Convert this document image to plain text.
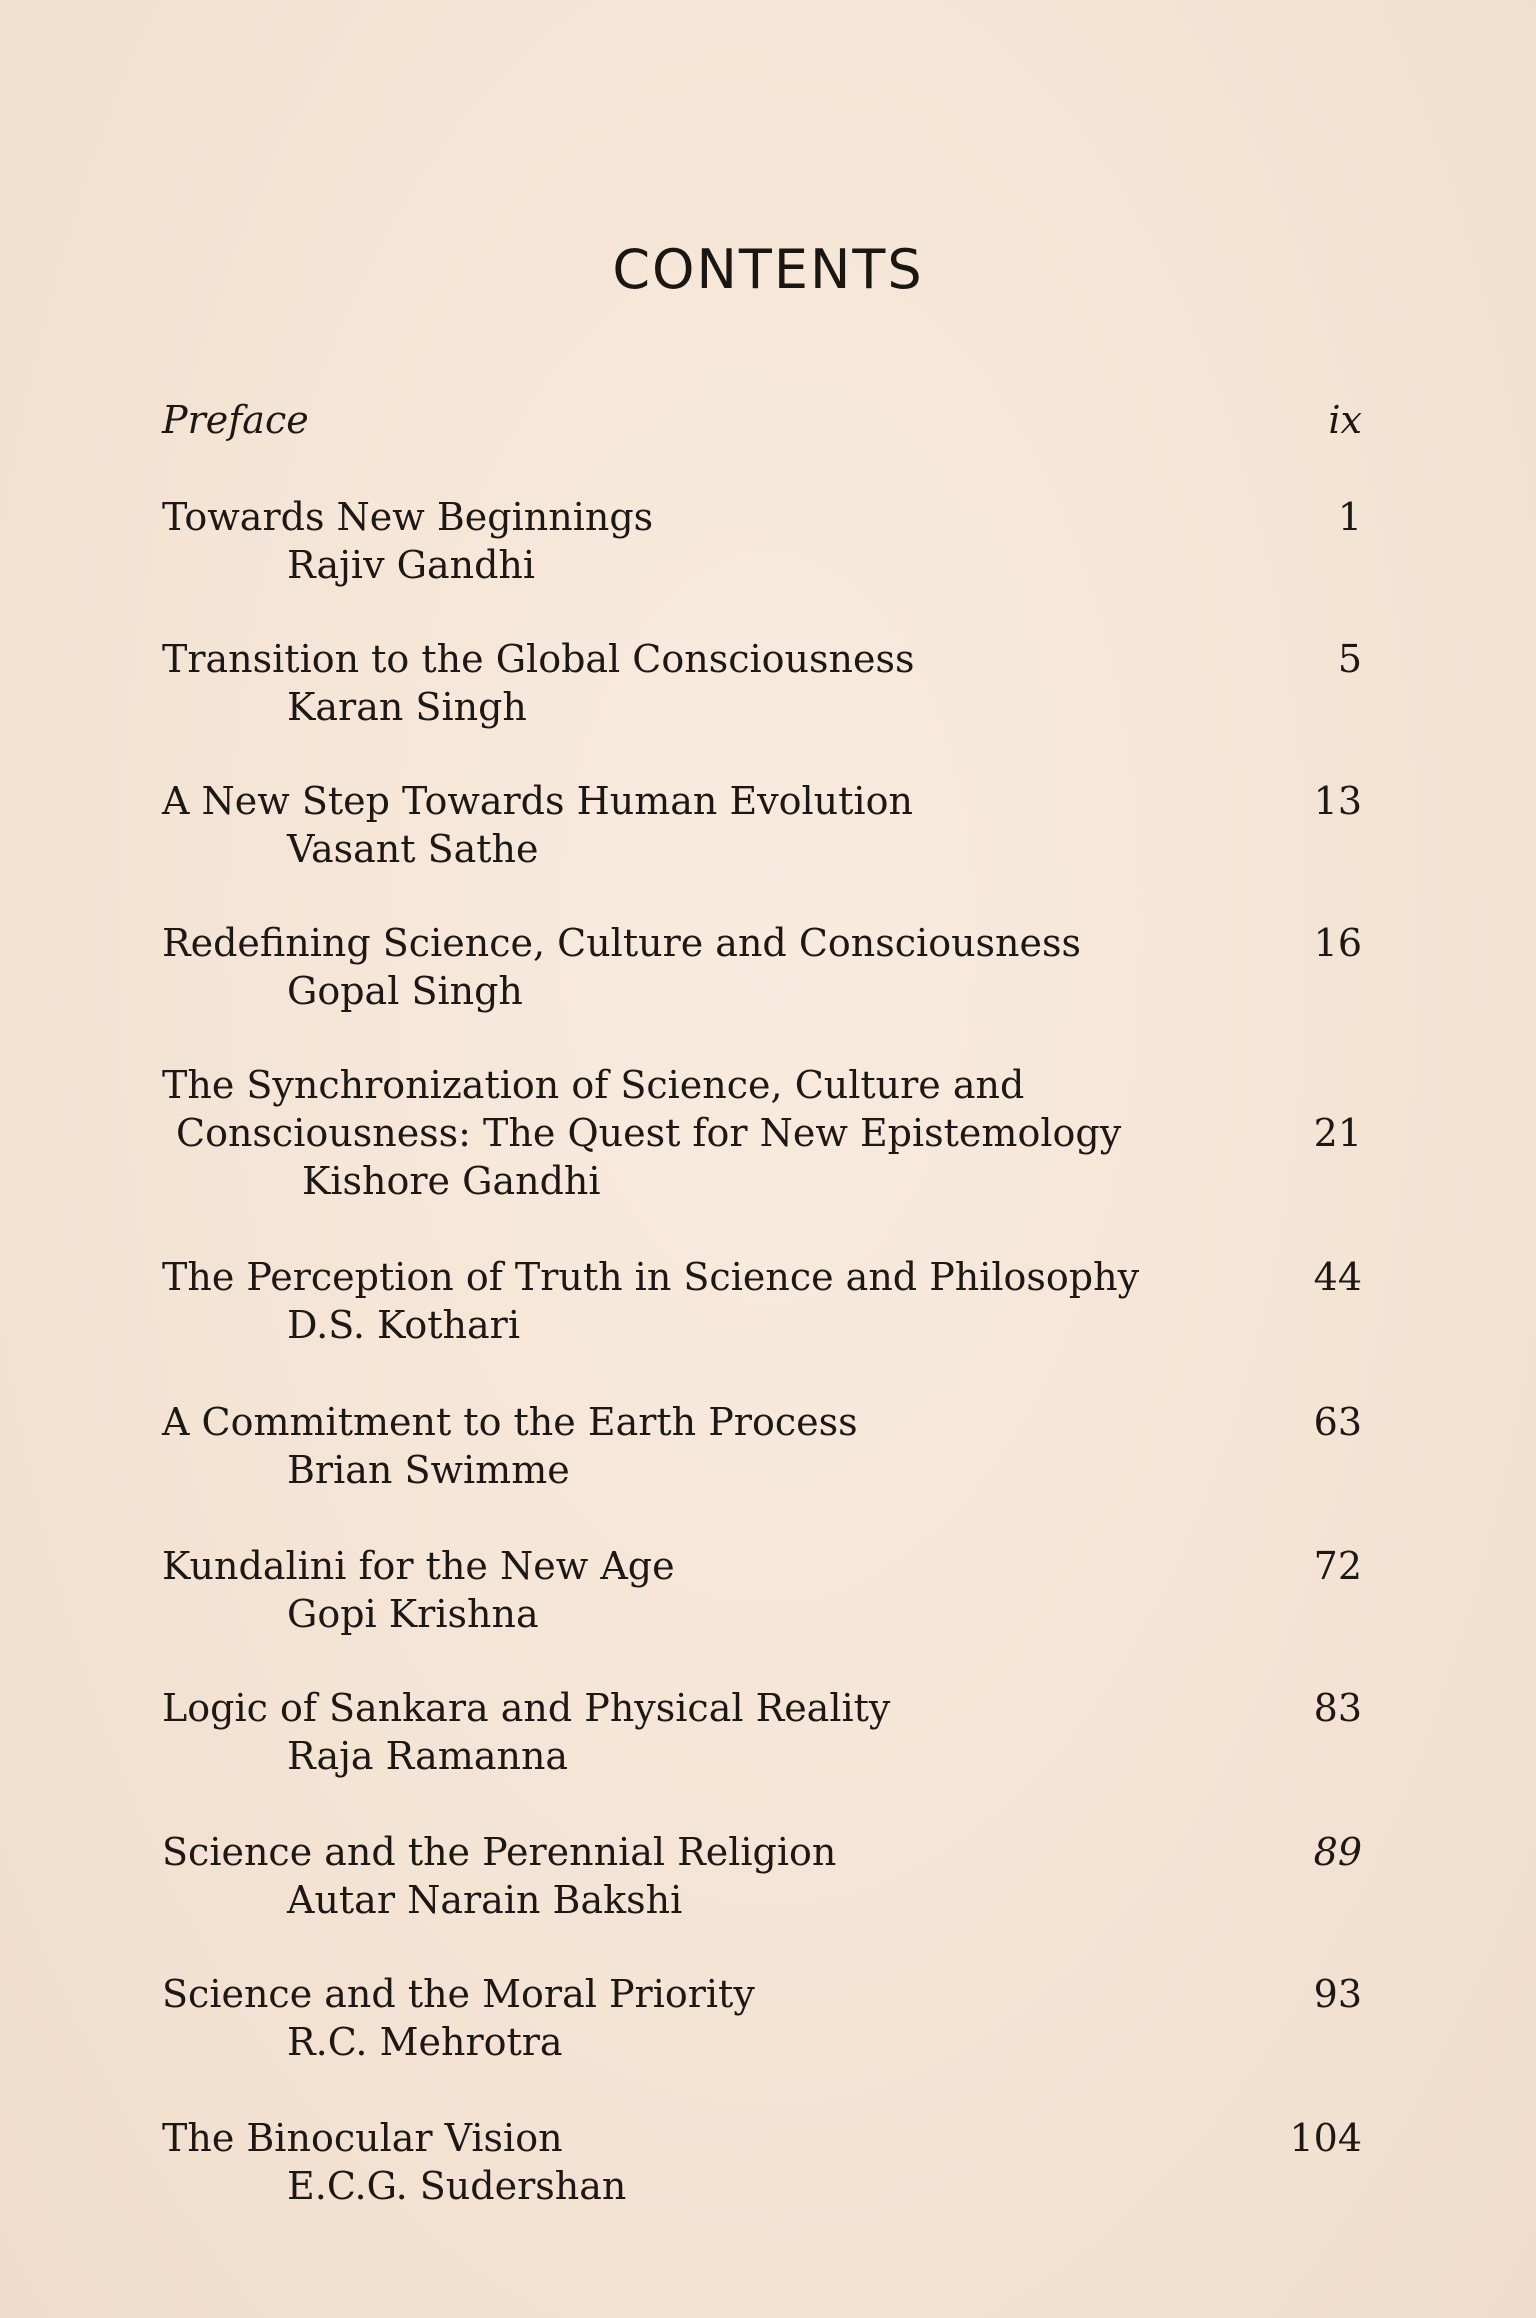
CONTENTS
Preface	ix
Towards New Beginnings
Rajiv Gandhi
1
Transition to the Global Consciousness
Karan Singh
5
A New Step Towards Human Evolution
Vasant Sathe
13
Redefining Science, Culture and Consciousness
Gopal Singh
16
The Synchronization of Science, Culture and
Consciousness: The Quest for New Epistemology
Kishore Gandhi
21
The Perception of Truth in Science and Philosophy
D.S. Kothari
44
A Commitment to the Earth Process
Brian Swimme
63
Kundalini for the New Age
Gopi Krishna
72
Logic of Sankara and Physical Reality
Raja Ramanna
83
Science and the Perennial Religion
Autar Narain Bakshi
89
Science and the Moral Priority
R.C. Mehrotra
93
The Binocular Vision
E.C.G. Sudershan
104
